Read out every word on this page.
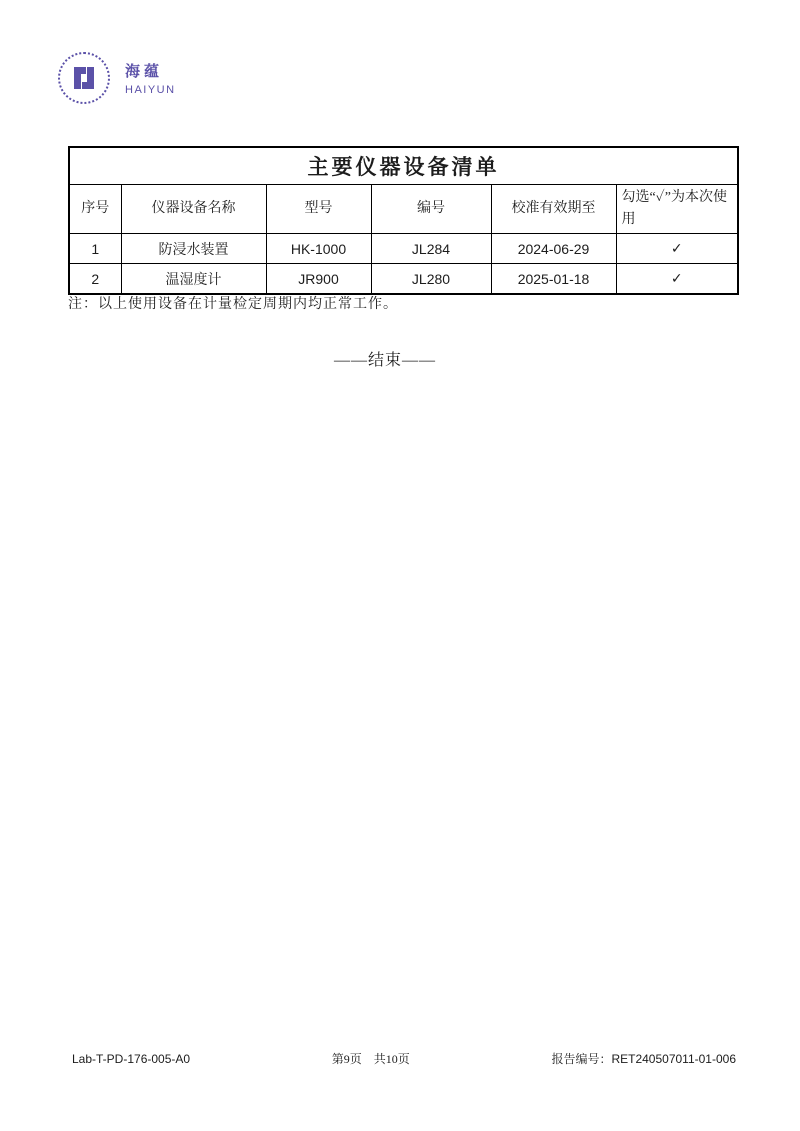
海蕴
HAIYUN
主要仪器设备清单					
序号	仪器设备名称	型号	编号	校准有效期至	勾选“✓”为本次使用
1	防浸水装置	HK-1000	JL284	2024-06-29	✓
2	温湿度计	JR900	JL280	2025-01-18	✓

注：以上使用设备在计量检定周期内均正常工作。

——结束——

Lab-T-PD-176-005-A0	第9页　共10页	报告编号：RET240507011-01-006
